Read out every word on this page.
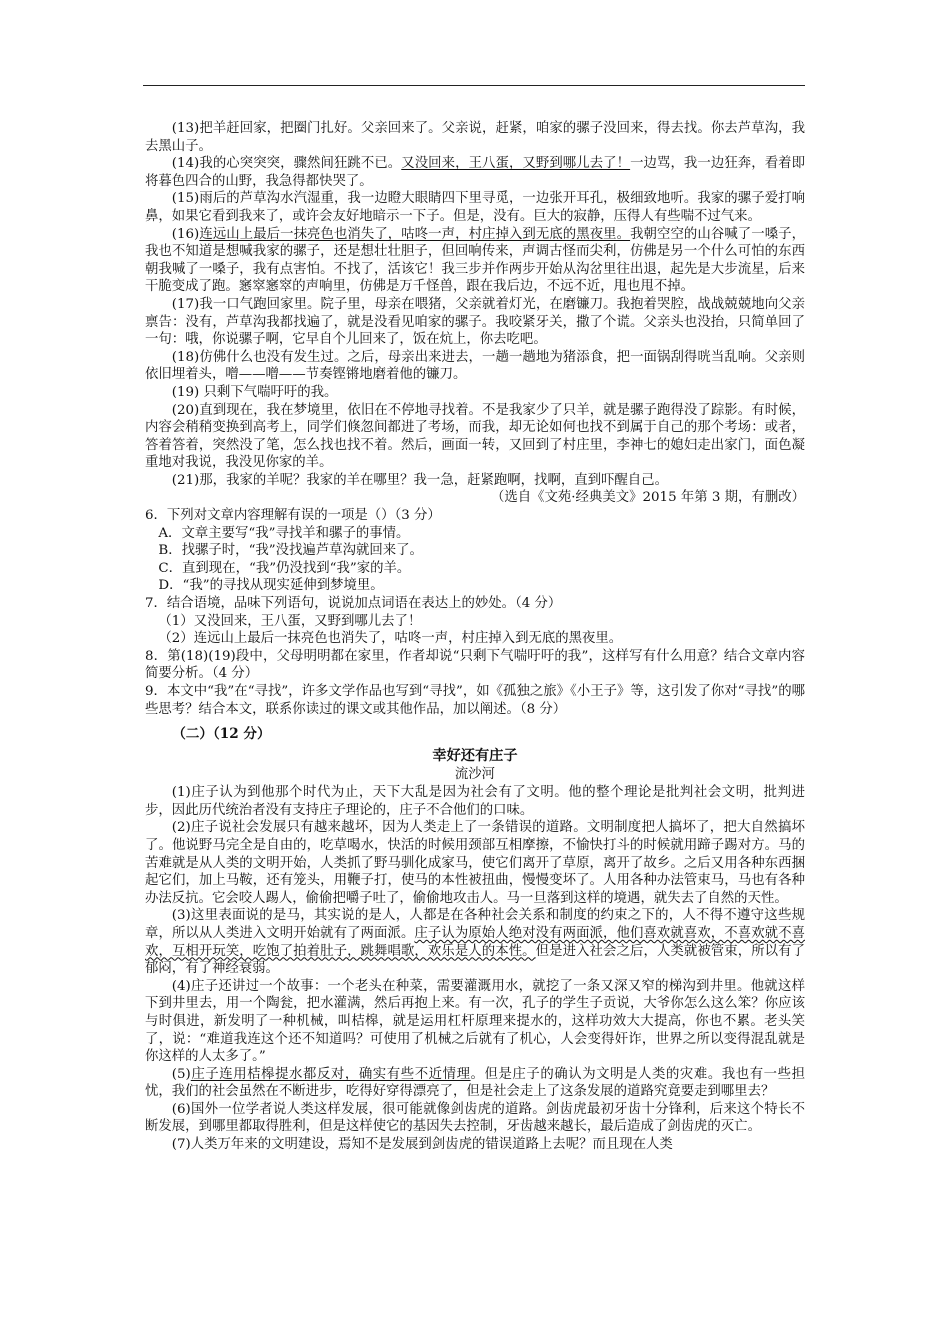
(13)把羊赶回家，把圈门扎好。父亲回来了。父亲说，赶紧，咱家的骡子没回来，得去找。你去芦草沟，我去黑山子。

(14)我的心突突突，骤然间狂跳不已。又没回来，王八蛋，又野到哪儿去了！一边骂，我一边狂奔，看着即将暮色四合的山野，我急得都快哭了。

(15)雨后的芦草沟水汽湿重，我一边瞪大眼睛四下里寻觅，一边张开耳孔，极细致地听。我家的骡子爱打响鼻，如果它看到我来了，或许会友好地暗示一下子。但是，没有。巨大的寂静，压得人有些喘不过气来。

(16)连远山上最后一抹亮色也消失了，咕咚一声，村庄掉入到无底的黑夜里。我朝空空的山谷喊了一嗓子，我也不知道是想喊我家的骡子，还是想壮壮胆子，但回响传来，声调古怪而尖利，仿佛是另一个什么可怕的东西朝我喊了一嗓子，我有点害怕。不找了，活该它！我三步并作两步开始从沟岔里往出退，起先是大步流星，后来干脆变成了跑。窸窣窸窣的声响里，仿佛是万千怪兽，跟在我后边，不远不近，甩也甩不掉。

(17)我一口气跑回家里。院子里，母亲在喂猪，父亲就着灯光，在磨镰刀。我抱着哭腔，战战兢兢地向父亲禀告：没有，芦草沟我都找遍了，就是没看见咱家的骡子。我咬紧牙关，撒了个谎。父亲头也没抬，只简单回了一句：哦，你说骡子啊，它早自个儿回来了，饭在炕上，你去吃吧。

(18)仿佛什么也没有发生过。之后，母亲出来进去，一趟一趟地为猪添食，把一面锅刮得咣当乱响。父亲则依旧埋着头，噌——噌——节奏铿锵地磨着他的镰刀。

(19) 只剩下气喘吁吁的我。

(20)直到现在，我在梦境里，依旧在不停地寻找着。不是我家少了只羊，就是骡子跑得没了踪影。有时候，内容会稍稍变换到高考上，同学们倏忽间都进了考场，而我，却无论如何也找不到属于自己的那个考场：或者，答着答着，突然没了笔，怎么找也找不着。然后，画面一转，又回到了村庄里，李神七的媳妇走出家门，面色凝重地对我说，我没见你家的羊。

(21)那，我家的羊呢？我家的羊在哪里？我一急，赶紧跑啊，找啊，直到吓醒自己。

（选自《文苑·经典美文》2015 年第 3 期，有删改）

6．下列对文章内容理解有误的一项是（）（3 分）

A．文章主要写“我”寻找羊和骡子的事情。

B．找骡子时，“我”没找遍芦草沟就回来了。

C．直到现在，“我”仍没找到“我”家的羊。

D．“我”的寻找从现实延伸到梦境里。

7．结合语境，品味下列语句，说说加点词语在表达上的妙处。（4 分）

（1）又没回来，王八蛋，又野到哪儿去了！

（2）连远山上最后一抹亮色也消失了，咕咚一声，村庄掉入到无底的黑夜里。

8．第(18)(19)段中，父母明明都在家里，作者却说“只剩下气喘吁吁的我”，这样写有什么用意？结合文章内容简要分析。（4 分）

9．本文中“我”在“寻找”，许多文学作品也写到“寻找”，如《孤独之旅》《小王子》等，这引发了你对“寻找”的哪些思考？结合本文，联系你读过的课文或其他作品，加以阐述。（8 分）

（二）（12 分）

幸好还有庄子

流沙河

(1)庄子认为到他那个时代为止，天下大乱是因为社会有了文明。他的整个理论是批判社会文明，批判进步，因此历代统治者没有支持庄子理论的，庄子不合他们的口味。

(2)庄子说社会发展只有越来越坏，因为人类走上了一条错误的道路。文明制度把人搞坏了，把大自然搞坏了。他说野马完全是自由的，吃草喝水，快活的时候用颈部互相摩擦，不愉快打斗的时候就用蹄子踢对方。马的苦难就是从人类的文明开始，人类抓了野马驯化成家马，使它们离开了草原，离开了故乡。之后又用各种东西捆起它们，加上马鞍，还有笼头，用鞭子打，使马的本性被扭曲，慢慢变坏了。人用各种办法管束马，马也有各种办法反抗。它会咬人踢人，偷偷把嚼子吐了，偷偷地攻击人。马一旦落到这样的境遇，就失去了自然的天性。

(3)这里表面说的是马，其实说的是人，人都是在各种社会关系和制度的约束之下的，人不得不遵守这些规章，所以从人类进入文明开始就有了两面派。庄子认为原始人绝对没有两面派，他们喜欢就喜欢，不喜欢就不喜欢，互相开玩笑，吃饱了拍着肚子，跳舞唱歌，欢乐是人的本性。但是进入社会之后，人类就被管束，所以有了郁闷，有了神经衰弱。

(4)庄子还讲过一个故事：一个老头在种菜，需要灌溉用水，就挖了一条又深又窄的梯沟到井里。他就这样下到井里去，用一个陶瓮，把水灌满，然后再抱上来。有一次，孔子的学生子贡说，大爷你怎么这么笨？你应该与时俱进，新发明了一种机械，叫桔槔，就是运用杠杆原理来提水的，这样功效大大提高，你也不累。老头笑了，说：“难道我连这个还不知道吗？可使用了机械之后就有了机心，人会变得奸诈，世界之所以变得混乱就是你这样的人太多了。”

(5)庄子连用桔槔提水都反对，确实有些不近情理。但是庄子的确认为文明是人类的灾难。我也有一些担忧，我们的社会虽然在不断进步，吃得好穿得漂亮了，但是社会走上了这条发展的道路究竟要走到哪里去？

(6)国外一位学者说人类这样发展，很可能就像剑齿虎的道路。剑齿虎最初牙齿十分锋利，后来这个特长不断发展，到哪里都取得胜利，但是这样使它的基因失去控制，牙齿越来越长，最后造成了剑齿虎的灭亡。

(7)人类万年来的文明建设，焉知不是发展到剑齿虎的错误道路上去呢？而且现在人类
